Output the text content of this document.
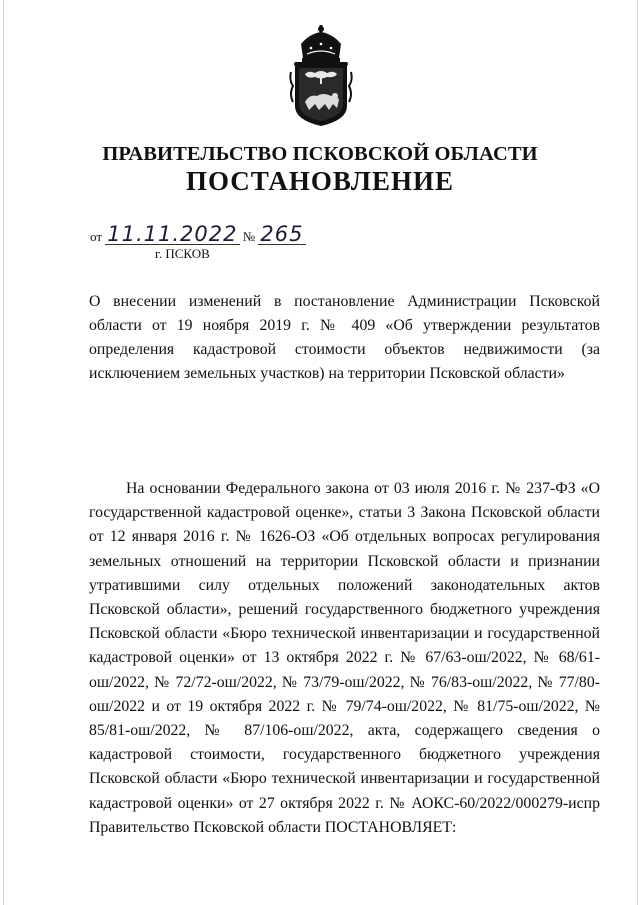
ПРАВИТЕЛЬСТВО ПСКОВСКОЙ ОБЛАСТИ
ПОСТАНОВЛЕНИЕ
от 11.11.2022 № 265
г. ПСКОВ

О внесении изменений в постановление Администрации Псковской области от 19 ноября 2019 г. № 409 «Об утверждении результатов определения кадастровой стоимости объектов недвижимости (за исключением земельных участков) на территории Псковской области»

На основании Федерального закона от 03 июля 2016 г. № 237-ФЗ «О государственной кадастровой оценке», статьи 3 Закона Псковской области от 12 января 2016 г. № 1626-ОЗ «Об отдельных вопросах регулирования земельных отношений на территории Псковской области и признании утратившими силу отдельных положений законодательных актов Псковской области», решений государственного бюджетного учреждения Псковской области «Бюро технической инвентаризации и государственной кадастровой оценки» от 13 октября 2022 г. № 67/63-ош/2022, № 68/61-ош/2022, № 72/72-ош/2022, № 73/79-ош/2022, № 76/83-ош/2022, № 77/80-ош/2022 и от 19 октября 2022 г. № 79/74-ош/2022, № 81/75-ош/2022, № 85/81-ош/2022, № 87/106-ош/2022, акта, содержащего сведения о кадастровой стоимости, государственного бюджетного учреждения Псковской области «Бюро технической инвентаризации и государственной кадастровой оценки» от 27 октября 2022 г. № АОКС-60/2022/000279-испр Правительство Псковской области ПОСТАНОВЛЯЕТ:
